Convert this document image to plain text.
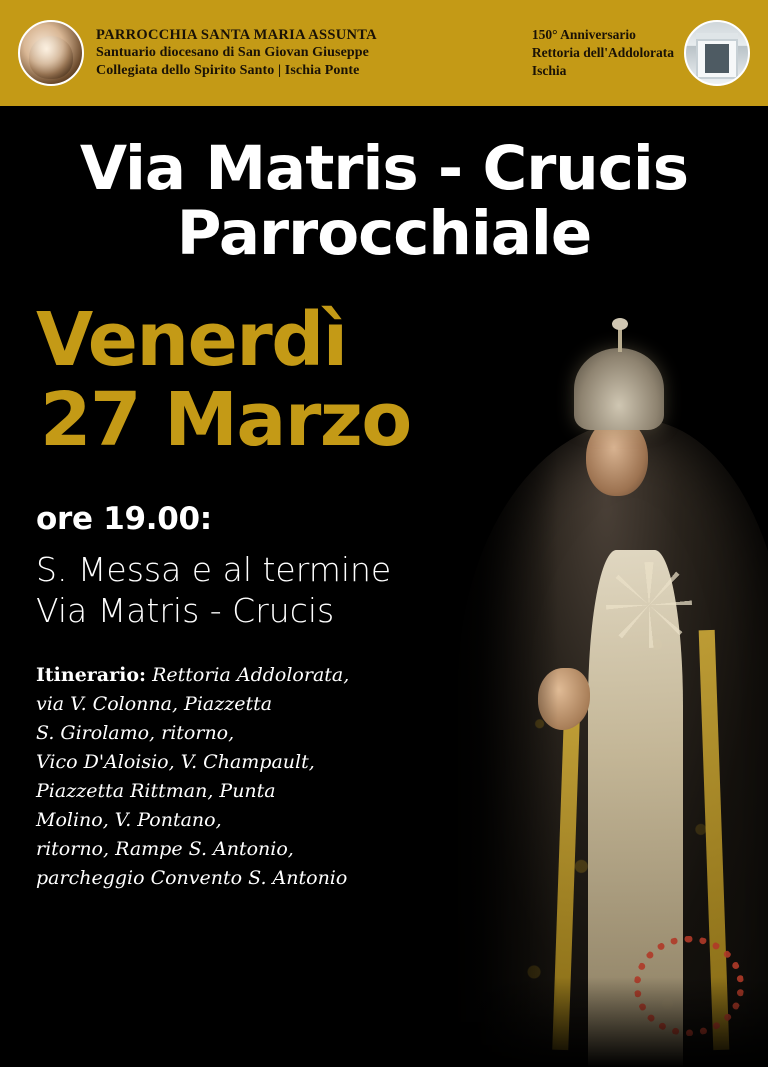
PARROCCHIA SANTA MARIA ASSUNTA
Santuario diocesano di San Giovan Giuseppe
Collegiata dello Spirito Santo | Ischia Ponte
150° Anniversario
Rettoria dell'Addolorata
Ischia
Via Matris - Crucis
Parrocchiale
Venerdì
27 Marzo
ore 19.00:
S. Messa e al termine
Via Matris - Crucis
Itinerario: Rettoria Addolorata,
via V. Colonna, Piazzetta
S. Girolamo, ritorno,
Vico D'Aloisio, V. Champault,
Piazzetta Rittman, Punta
Molino, V. Pontano,
ritorno, Rampe S. Antonio,
parcheggio Convento S. Antonio
